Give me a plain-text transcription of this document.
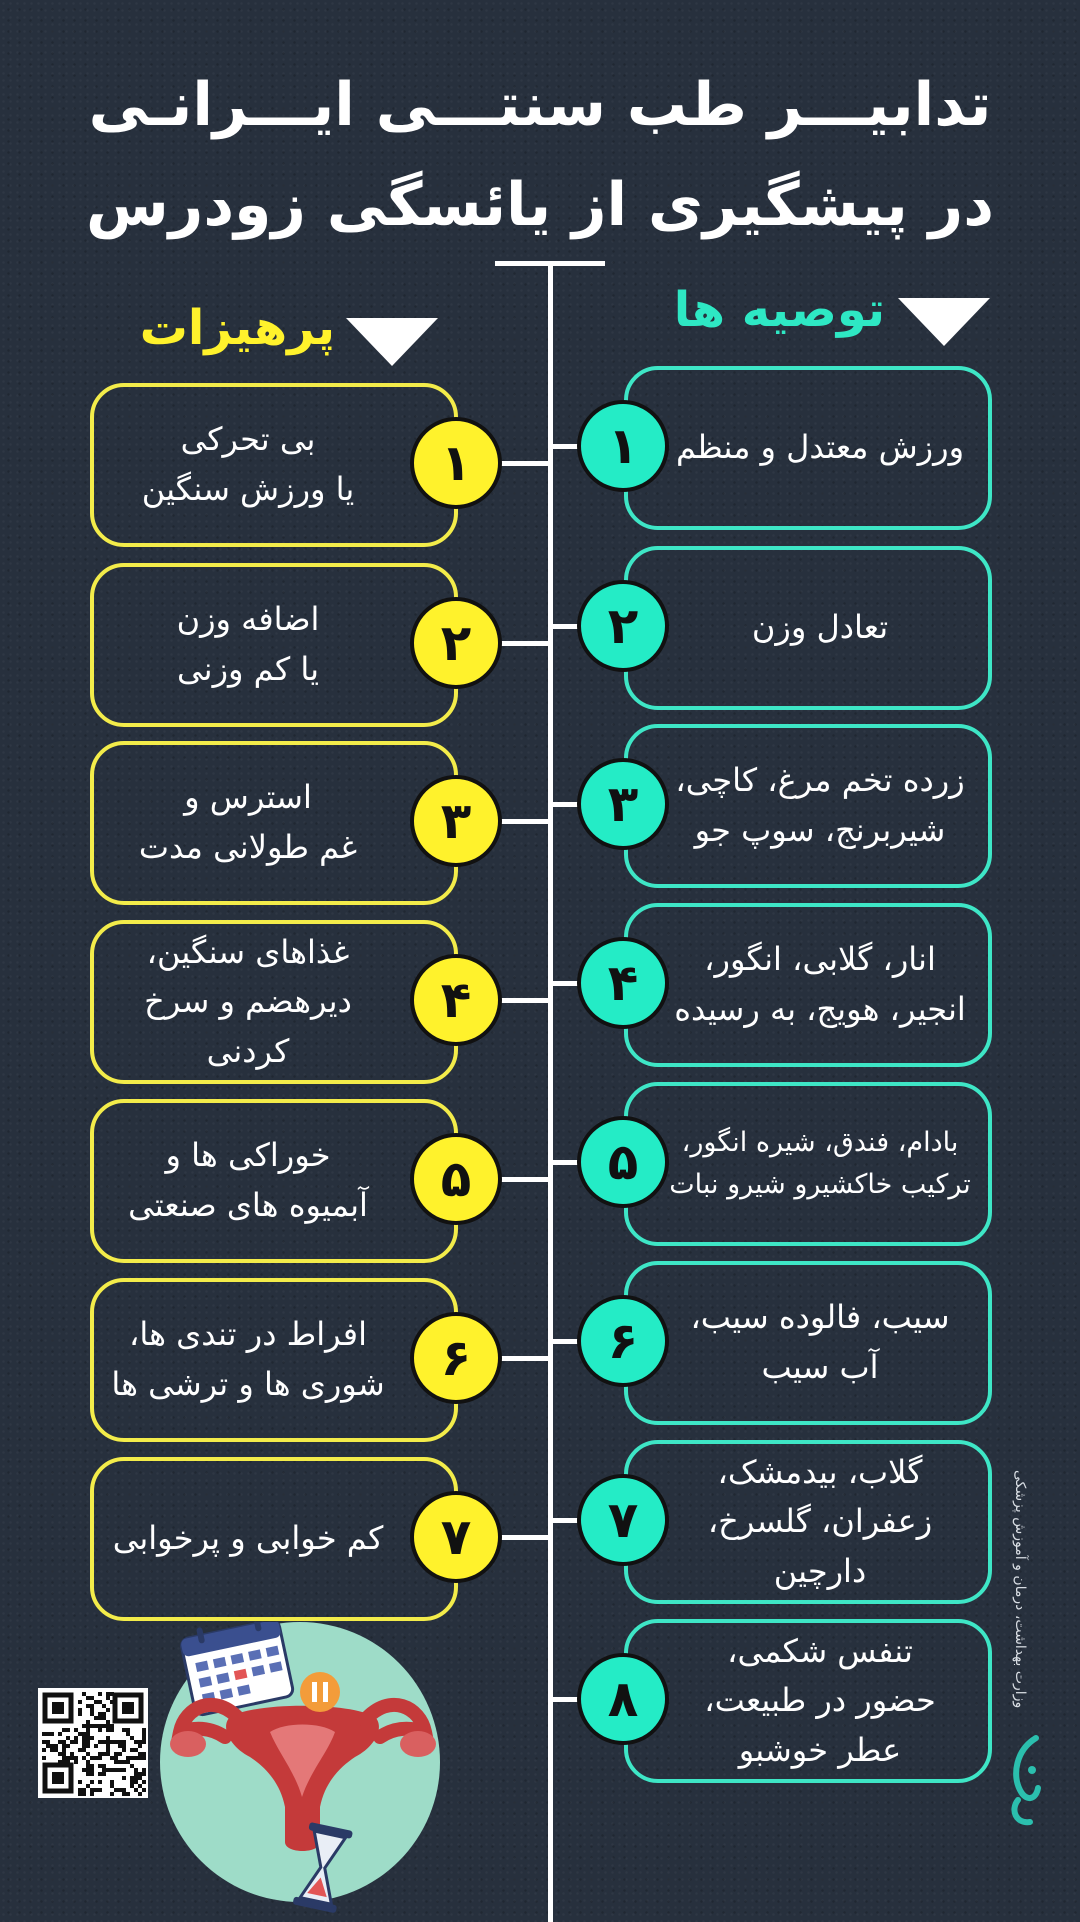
تدابیـــر طب سنتـــی ایـــرانـی
در پیشگیری از یائسگی زودرس
توصیه ها
پرهیزات
ورزش معتدل و منظم
۱
تعادل وزن
۲
زرده تخم مرغ، کاچی،
شیربرنج، سوپ جو
۳
انار، گلابی، انگور،
انجیر، هویج، به رسیده
۴
بادام، فندق، شیره انگور،
ترکیب خاکشیرو شیرو نبات
۵
سیب، فالوده سیب،
آب سیب
۶
گلاب، بیدمشک،
زعفران، گلسرخ، دارچین
۷
تنفس شکمی،
حضور در طبیعت،
عطر خوشبو
۸
بی تحرکی
یا ورزش سنگین	۱
اضافه وزن
یا کم وزنی	۲
استرس و
غم طولانی مدت	۳
غذاهای سنگین،
دیرهضم و سرخ کردنی
۴
خوراکی ها و
آبمیوه های صنعتی	۵
افراط در تندی ها،
شوری ها و ترشی ها	۶
کم خوابی و پرخوابی	۷	وزارت بهداشت، درمان و آموزش پزشکی
